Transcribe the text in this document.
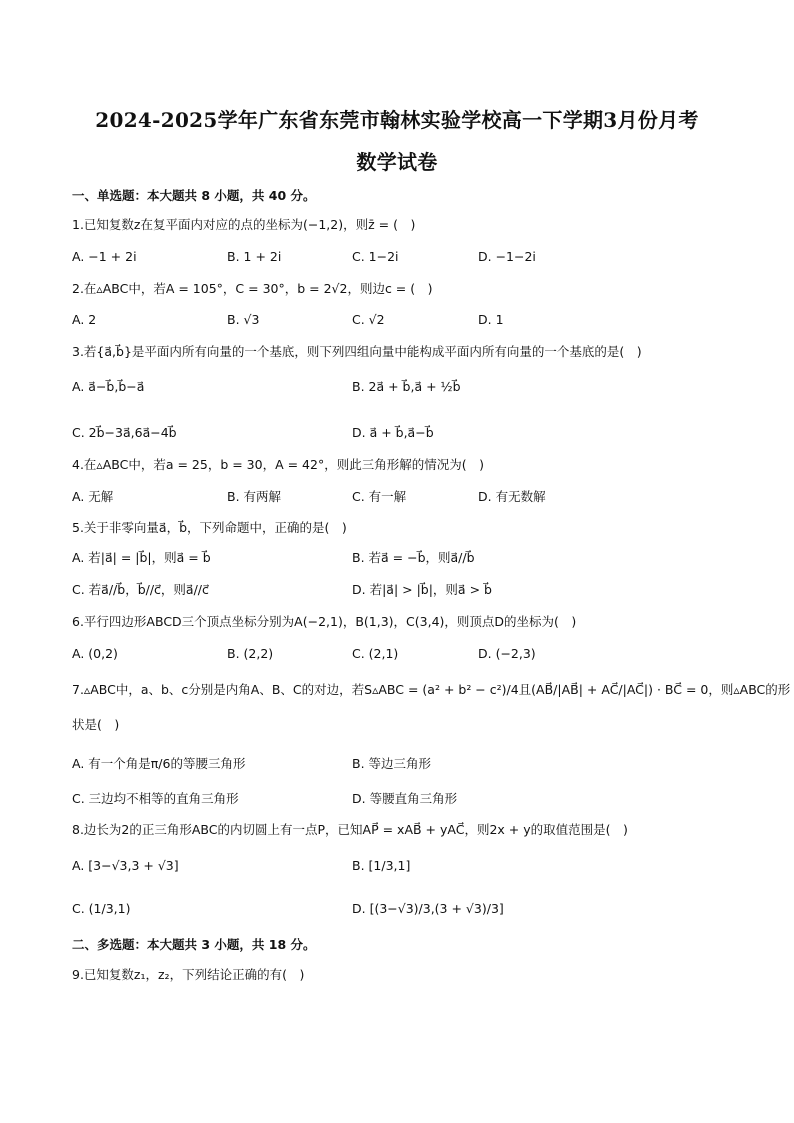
2024-2025学年广东省东莞市翰林实验学校高一下学期3月份月考
数学试卷
一、单选题：本大题共 8 小题，共 40 分。
1.已知复数z在复平面内对应的点的坐标为(−1,2)，则z̄ = (　)
A. −1 + 2i	B. 1 + 2i	C. 1−2i	D. −1−2i
2.在▵ABC中，若A = 105°，C = 30°，b = 2√2，则边c = (　)
A. 2	B. √3	C. √2	D. 1
3.若{a⃗,b⃗}是平面内所有向量的一个基底，则下列四组向量中能构成平面内所有向量的一个基底的是(　)
A. a⃗−b⃗,b⃗−a⃗	B. 2a⃗ + b⃗,a⃗ + ½b⃗
C. 2b⃗−3a⃗,6a⃗−4b⃗	D. a⃗ + b⃗,a⃗−b⃗
4.在▵ABC中，若a = 25，b = 30，A = 42°，则此三角形解的情况为(　)
A. 无解	B. 有两解	C. 有一解	D. 有无数解
5.关于非零向量a⃗，b⃗，下列命题中，正确的是(　)
A. 若|a⃗| = |b⃗|，则a⃗ = b⃗	B. 若a⃗ = −b⃗，则a⃗//b⃗
C. 若a⃗//b⃗，b⃗//c⃗，则a⃗//c⃗	D. 若|a⃗| > |b⃗|，则a⃗ > b⃗
6.平行四边形ABCD三个顶点坐标分别为A(−2,1)，B(1,3)，C(3,4)，则顶点D的坐标为(　)
A. (0,2)	B. (2,2)	C. (2,1)	D. (−2,3)
7.▵ABC中，a、b、c分别是内角A、B、C的对边，若S▵ABC = (a² + b² − c²)/4且(AB⃗/|AB⃗| + AC⃗/|AC⃗|) · BC⃗ = 0，则▵ABC的形
状是(　)
A. 有一个角是π/6的等腰三角形	B. 等边三角形
C. 三边均不相等的直角三角形	D. 等腰直角三角形
8.边长为2的正三角形ABC的内切圆上有一点P，已知AP⃗ = xAB⃗ + yAC⃗，则2x + y的取值范围是(　)
A. [3−√3,3 + √3]	B. [1/3,1]
C. (1/3,1)	D. [(3−√3)/3,(3 + √3)/3]
二、多选题：本大题共 3 小题，共 18 分。
9.已知复数z₁，z₂，下列结论正确的有(　)
